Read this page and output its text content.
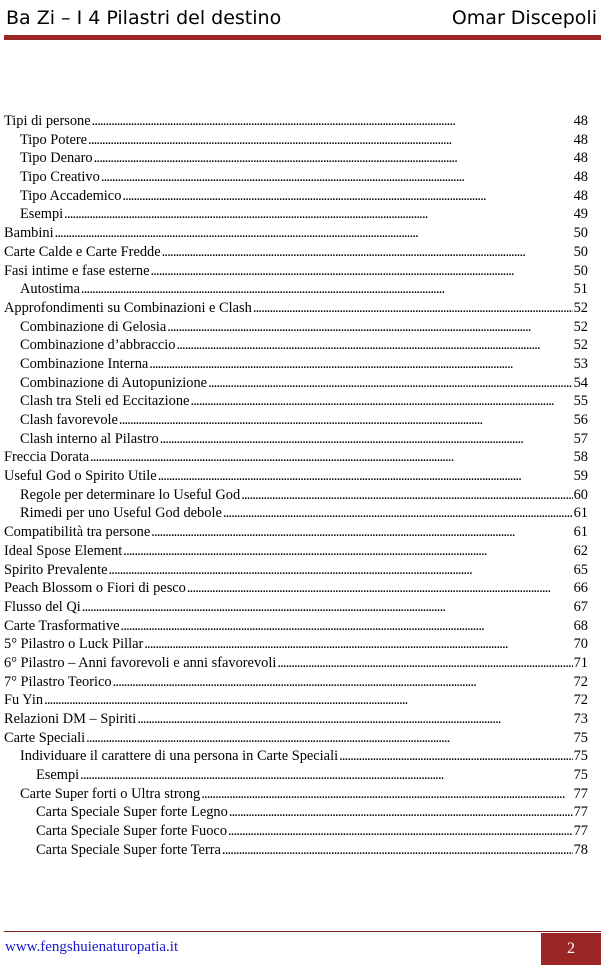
Ba Zi – I 4 Pilastri del destino	Omar Discepoli
Tipi di persone . . .	48
Tipo Potere . . .	48
Tipo Denaro . . .	48
Tipo Creativo . . .	48
Tipo Accademico . . .	48
Esempi . . .	49
Bambini . . .	50
Carte Calde e Carte Fredde . . .	50
Fasi intime e fase esterne . . .	50
Autostima . . .	51
Approfondimenti su Combinazioni e Clash . . .	52
Combinazione di Gelosia . . .	52
Combinazione d’abbraccio . . .	52
Combinazione Interna . . .	53
Combinazione di Autopunizione . . .	54
Clash tra Steli ed Eccitazione . . .	55
Clash favorevole . . .	56
Clash interno al Pilastro . . .	57
Freccia Dorata . . .	58
Useful God o Spirito Utile . . .	59
Regole per determinare lo Useful God . . .	60
Rimedi per uno Useful God debole . . .	61
Compatibilità tra persone . . .	61
Ideal Spose Element . . .	62
Spirito Prevalente . . .	65
Peach Blossom o Fiori di pesco . . .	66
Flusso del Qi . . .	67
Carte Trasformative . . .	68
5° Pilastro o Luck Pillar . . .	70
6° Pilastro – Anni favorevoli e anni sfavorevoli . . .	71
7° Pilastro Teorico . . .	72
Fu Yin . . .	72
Relazioni DM – Spiriti . . .	73
Carte Speciali . . .	75
Individuare il carattere di una persona in Carte Speciali . . .	75
Esempi . . .	75
Carte Super forti o Ultra strong . . .	77
Carta Speciale Super forte Legno . . .	77
Carta Speciale Super forte Fuoco . . .	77
Carta Speciale Super forte Terra . . .	78
www.fengshuienaturopatia.it	2
